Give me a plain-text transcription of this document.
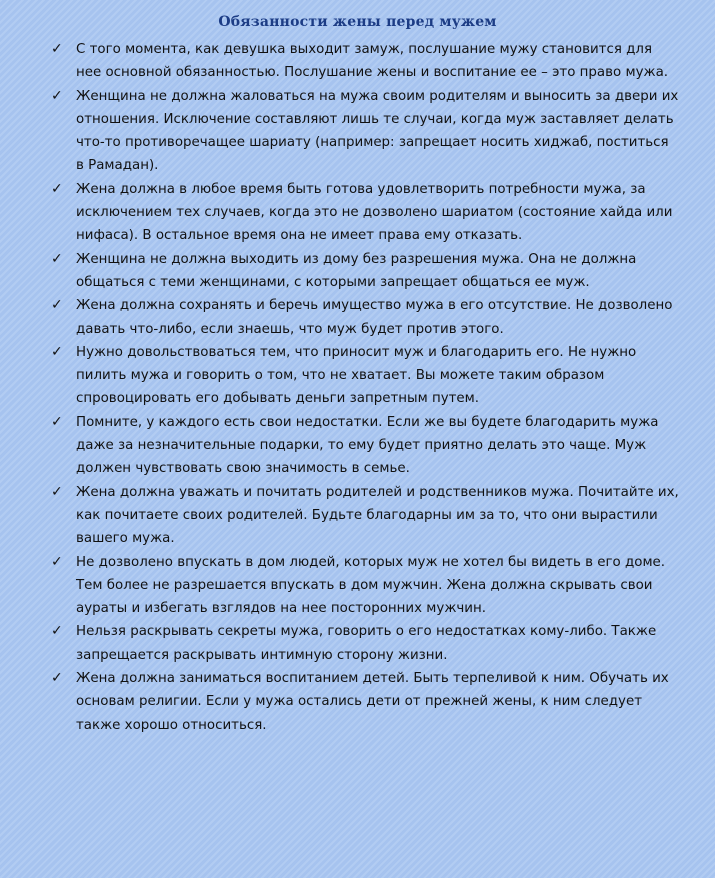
Обязанности жены перед мужем
✓ С того момента, как девушка выходит замуж, послушание мужу становится для нее основной обязанностью. Послушание жены и воспитание ее – это право мужа.
✓ Женщина не должна жаловаться на мужа своим родителям и выносить за двери их отношения. Исключение составляют лишь те случаи, когда муж заставляет делать что-то противоречащее шариату (например: запрещает носить хиджаб, поститься в Рамадан).
✓ Жена должна в любое время быть готова удовлетворить потребности мужа, за исключением тех случаев, когда это не дозволено шариатом (состояние хайда или нифаса). В остальное время она не имеет права ему отказать.
✓ Женщина не должна выходить из дому без разрешения мужа. Она не должна общаться с теми женщинами, с которыми запрещает общаться ее муж.
✓ Жена должна сохранять и беречь имущество мужа в его отсутствие. Не дозволено давать что-либо, если знаешь, что муж будет против этого.
✓ Нужно довольствоваться тем, что приносит муж и благодарить его. Не нужно пилить мужа и говорить о том, что не хватает. Вы можете таким образом спровоцировать его добывать деньги запретным путем.
✓ Помните, у каждого есть свои недостатки. Если же вы будете благодарить мужа даже за незначительные подарки, то ему будет приятно делать это чаще. Муж должен чувствовать свою значимость в семье.
✓ Жена должна уважать и почитать родителей и родственников мужа. Почитайте их, как почитаете своих родителей. Будьте благодарны им за то, что они вырастили вашего мужа.
✓ Не дозволено впускать в дом людей, которых муж не хотел бы видеть в его доме. Тем более не разрешается впускать в дом мужчин. Жена должна скрывать свои аураты и избегать взглядов на нее посторонних мужчин.
✓ Нельзя раскрывать секреты мужа, говорить о его недостатках кому-либо. Также запрещается раскрывать интимную сторону жизни.
✓ Жена должна заниматься воспитанием детей. Быть терпеливой к ним. Обучать их основам религии. Если у мужа остались дети от прежней жены, к ним следует также хорошо относиться.
